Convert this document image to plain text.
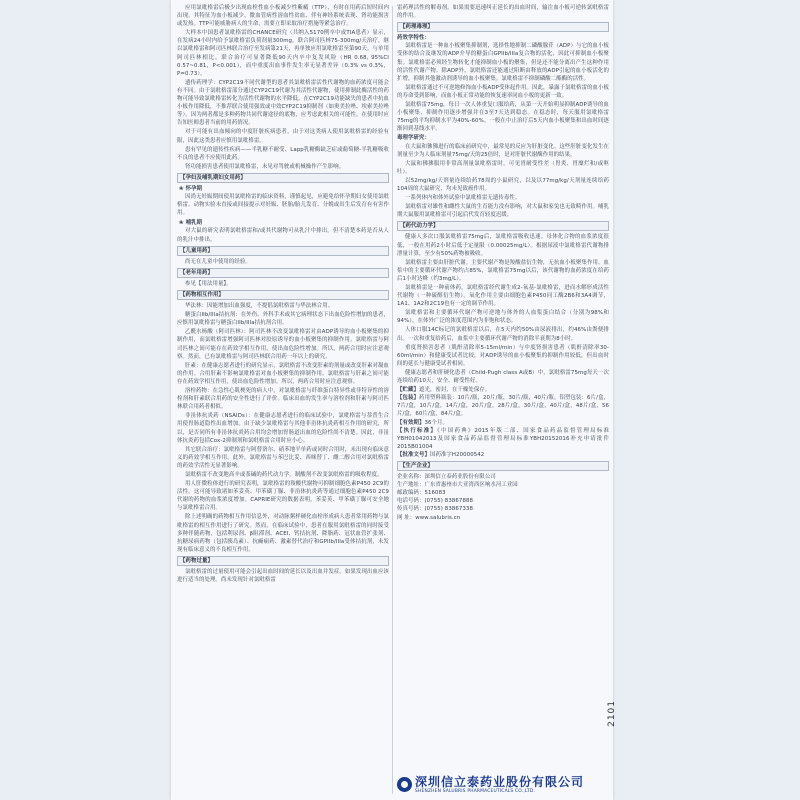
应用氯吡格雷后极少出现血栓性血小板减少性紫癜（TTP），有时在用药后短时间内出现。其特征为血小板减少、微血管病性溶血性贫血、伴有神经系统表现、肾功能损害或发热。TTP可能威胁病人的生命，需要立即采取治疗措施等紧急治疗。

大样本中国患者氯吡格雷的CHANCE研究（共纳入5170例卒中或TIA患者）显示，在发病24小时内给予氯吡格雷负荷剂量300mg，联合阿司匹林75-300mg/天治疗，继以氯吡格雷和阿司匹林联合治疗至发病第21天，再单独应用氯吡格雷至第90天。与单用阿司匹林相比，联合治疗可显著降低90天内卒中复发风险（HR 0.68, 95%CI 0.57~0.81，P<0.001），而中重度出血事件发生率无显著差异（0.3% vs 0.3%，P=0.73）。

遗传药理学：CYP2C19不同代谢型的患者其氯吡格雷活性代谢物的血药浓度可能会有不同。由于氯吡格雷部分通过CYP2C19代谢为其活性代谢物，使用抑制此酶活性的药物可能导致氯吡格雷转化为活性代谢物的水平降低。在CYP2C19功能缺失的患者中抗血小板作用降低，不推荐联合使用强效或中效CYP2C19抑制剂（如奥美拉唑、埃索美拉唑等）。因为两者都是多种药物共同代谢途径的底物，应考虑此相关的可能性。在使用时应告知医师患者当前的用药情况。

对于可能有出血倾向的中度肝脏疾病患者，由于对这类病人使用氯吡格雷的经验有限，因此这类患者应慎用氯吡格雷。

患有罕见的遗传性疾病——半乳糖不耐受、Lapp乳糖酶缺乏症或葡萄糖-半乳糖吸收不良的患者不应使用此药。

肾功能损害患者使用氯吡格雷，未见对驾驶或机械操作产生影响。

【孕妇及哺乳期妇女用药】
❀ 怀孕期

因尚无妊娠期间使用氯吡格雷的临床资料，谨慎起见，应避免给怀孕期妇女使用氯吡格雷。动物实验未直接或间接提示对妊娠、胚胎/胎儿发育、分娩或出生后发育有有害作用。

❀ 哺乳期

对大鼠的研究表明氯吡格雷和/或其代谢物可从乳汁中排出。但不清楚本药是否从人的乳汁中排出。

【儿童用药】

尚无在儿童中使用的经验。

【老年用药】

参见【用法用量】。

【药物相互作用】

华法林：因能增加出血强度，不提倡氯吡格雷与华法林合用。

糖蛋白IIb/IIIa拮抗剂：在外伤、外科手术或其它病理状态下出血危险性增加的患者，应慎用氯吡格雷与糖蛋白IIb/IIIa拮抗剂合用。

乙酰水杨酸（阿司匹林）：阿司匹林不改变氯吡格雷对由ADP诱导的血小板聚集的抑制作用，而氯吡格雷增强阿司匹林对胶原诱导的血小板聚集的抑制作用。氯吡格雷与阿司匹林之间可能存在药效学相互作用，使出血危险性增加。所以，两药合用时应注意观察。然而，已有氯吡格雷与阿司匹林联合用药一年以上的研究。

肝素：在健康志愿者进行的研究显示，氯吡格雷不改变肝素的剂量或改变肝素对凝血的作用。合用肝素不影响氯吡格雷对血小板聚集的抑制作用。氯吡格雷与肝素之间可能存在药效学相互作用，使出血危险性增加。所以，两药合用时应注意观察。

溶栓药物：在急性心肌梗死的病人中，对氯吡格雷与纤维蛋白特异性或非特异性的溶栓剂和肝素联合用药的安全性进行了评价。临床出血的发生率与溶栓剂和肝素与阿司匹林联合用药者相似。

非甾体抗炎药（NSAIDs）：在健康志愿者进行的临床试验中，氯吡格雷与萘普生合用使胃肠道隐性出血增加。由于缺少氯吡格雷与其他非甾体抗炎药相互作用的研究，所以，是否同所有非甾体抗炎药合用均会增加胃肠道出血的危险性尚不清楚。因此，非甾体抗炎药包括Cox-2抑制剂和氯吡格雷合用时应小心。

其它联合治疗：氯吡格雷与阿替洛尔、硝苯地平单药或同时合用时，未出现有临床意义的药效学相互作用。此外，氯吡格雷与苯巴比妥、西咪替丁、雌二醇合用对氯吡格雷的药效学活性无显著影响。

氯吡格雷不改变地高辛或茶碱的药代动力学。制酸剂不改变氯吡格雷的吸收程度。

用人肝微粒体进行的研究表明，氯吡格雷的羧酸代谢物可抑制细胞色素P450 2C9的活性。这可能导致诸如苯妥英、甲苯磺丁脲、非甾体抗炎药等通过细胞色素P450 2C9代谢的药物的血浆浓度增加。CAPRIE研究的数据表明，苯妥英、甲苯磺丁脲可安全地与氯吡格雷合用。

除上述明确的药物相互作用信息外，对动脉粥样硬化血栓形成病人患者常用药物与氯吡格雷的相互作用进行了研究。然而，在临床试验中，患者在服用氯吡格雷的同时接受多种伴随药物，包括利尿剂、β阻滞剂、ACEI、钙拮抗剂、降脂药、冠状血管扩张剂、抗糖尿病药物（包括胰岛素）、抗癫痫药、激素替代治疗和GPIIb/IIIa受体拮抗剂，未发现有临床意义的不良相互作用。

【药物过量】

氯吡格雷的过量使用可能会引起出血时间的延长以及出血并发症。如果发现出血应该进行适当的处理。尚未发现针对氯吡格雷

雷药理活性的解毒剂。如果需要迅速纠正延长的出血时间，输注血小板可逆转氯吡格雷的作用。

【药理毒理】
药效学特性：

氯吡格雷是一种血小板聚集抑制剂，选择性地抑制二磷酸腺苷（ADP）与它的血小板受体的结合及继发的ADP介导的糖蛋白GPIIb/IIIa复合物的活化，因此可抑制血小板聚集。氯吡格雷必须经生物转化才能抑制血小板的聚集，但是还不能分离出产生这种作用的活性代谢产物。除ADP外，氯吡格雷还能通过阻断由释放的ADP引起的血小板活化的扩增，抑制其他激动剂诱导的血小板聚集。氯吡格雷不抑制磷酸二酯酶的活性。

氯吡格雷通过不可逆地修饰血小板ADP受体起作用。因此，暴露于氯吡格雷的血小板的寿命受到影响，而血小板正常功能的恢复速率同血小板的更新一致。

氯吡格雷75mg，每日一次人体重复口服给药，从第一天开始明显抑制ADP诱导的血小板聚集，抑制作用逐步增强并在3至7天达到稳态。在稳态时，每天服用氯吡格雷75mg的平均抑制水平为40%-60%。一般在中止治疗后5天内血小板聚集和出血时间逐渐回到基线水平。

毒理学研究：

在大鼠和狒狒进行的临床前研究中，最常见的反应为肝脏变化。这些肝脏变化发生在剂量至少为人临床剂量75mg/天的25倍时，是对肝脏代谢酶作用的结果。

大鼠和狒狒服用非常高剂量氯吡格雷时，可见胃耐受性差（胃炎、胃糜烂和/或呕吐）。

以52mg/kg/天剂量连续给药78周的小鼠研究，以及以77mg/kg/天剂量连续给药104周的大鼠研究，均未见致癌作用。

一系列体内和体外试验中氯吡格雷无遗传毒性。

氯吡格雷对雄性和雌性大鼠的生育能力没有影响，对大鼠和家兔也无致畸作用。哺乳期大鼠服用氯吡格雷可引起后代发育轻度迟缓。

【药代动力学】

健康人多次口服氯吡格雷75mg后，氯吡格雷吸收迅速。母体化合物的血浆浓度很低，一般在用药2小时后低于定量限（0.00025mg/L）。根据尿液中氯吡格雷代谢物排泄量计算，至少有50%药物被吸收。

氯吡格雷主要由肝脏代谢。主要代谢产物是羧酸盐衍生物，无抗血小板聚集作用。血浆中的主要循环代谢产物约占85%，氯吡格雷75mg以后，该代谢物的血药浓度在给药后1小时达峰（约3mg/L）。

氯吡格雷是一种前体药，氯吡格雷经代谢生成2-氧基-氯吡格雷，进而水解形成活性代谢物（一种硫醇衍生物）。氧化作用主要由细胞色素P450同工酶2B6和3A4调节，1A1、1A2和2C19也有一定的调节作用。

氯吡格雷和主要循环代谢产物可逆地与体外的人血浆蛋白结合（分别为98%和94%），在体外广泛的浓度范围内为非饱和状态。

人体口服14C标记的氯吡格雷以后，在5天内约50%由尿液排出，约46%由粪便排出。一次和重复给药后，血浆中主要循环代谢产物的消除半衰期为8小时。

重度肾损害患者（肌酐清除率5-15ml/min）与中度肾损害患者（肌酐清除率30-60ml/min）和健康受试者比较，对ADP诱导的血小板聚集的抑制作用较低，但出血时间的延长与健康受试者相同。

健康志愿者和肝硬化患者（Child-Pugh class A或B）中，氯吡格雷75mg每天一次连续给药10天，安全、耐受性好。

【贮藏】遮光，密封，在干燥处保存。

【包装】药用塑料瓶装：10片/瓶，20片/瓶，30片/瓶，40片/瓶。铝塑包装：6片/盒，7片/盒，10片/盒，14片/盒，20片/盒，28片/盒，30片/盒，40片/盒，48片/盒，56片/盒，60片/盒，84片/盒。

【有效期】36个月。

【执行标准】《中国药典》2015年版二部、国家食品药品监督管理局标准YBH01042013及国家食品药品监督管理局标准YBH20152016补充申请批件2015B01004

【批准文号】国药准字H20000542

【生产企业】

企业名称：深圳信立泰药业股份有限公司

生产地址：广东省惠州市大亚湾西区响水河工业园

邮政编码：516083

电话号码：(0755) 83867888

传真号码：(0755) 83867338

网 址：www.salubris.cn

2101
深圳信立泰药业股份有限公司
SHENZHEN SALUBRIS PHARMACEUTICALS CO.,LTD.
